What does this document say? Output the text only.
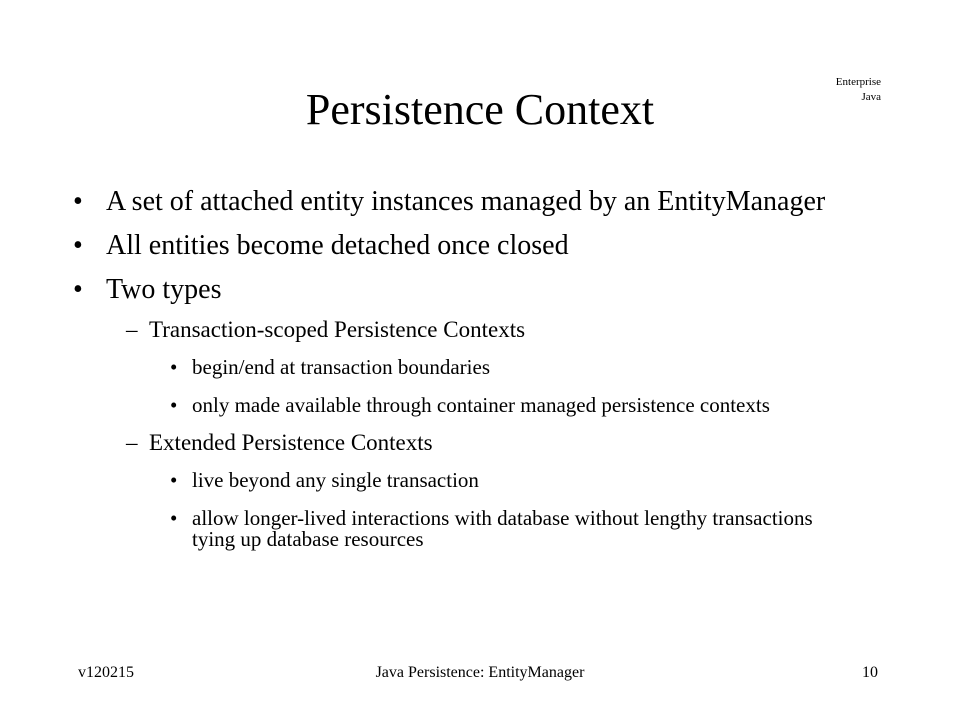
Enterprise
Java
Persistence Context
• A set of attached entity instances managed by an EntityManager
• All entities become detached once closed
• Two types
– Transaction-scoped Persistence Contexts
• begin/end at transaction boundaries
• only made available through container managed persistence contexts
– Extended Persistence Contexts
• live beyond any single transaction
• allow longer-lived interactions with database without lengthy transactions tying up database resources
v120215	Java Persistence: EntityManager	10
